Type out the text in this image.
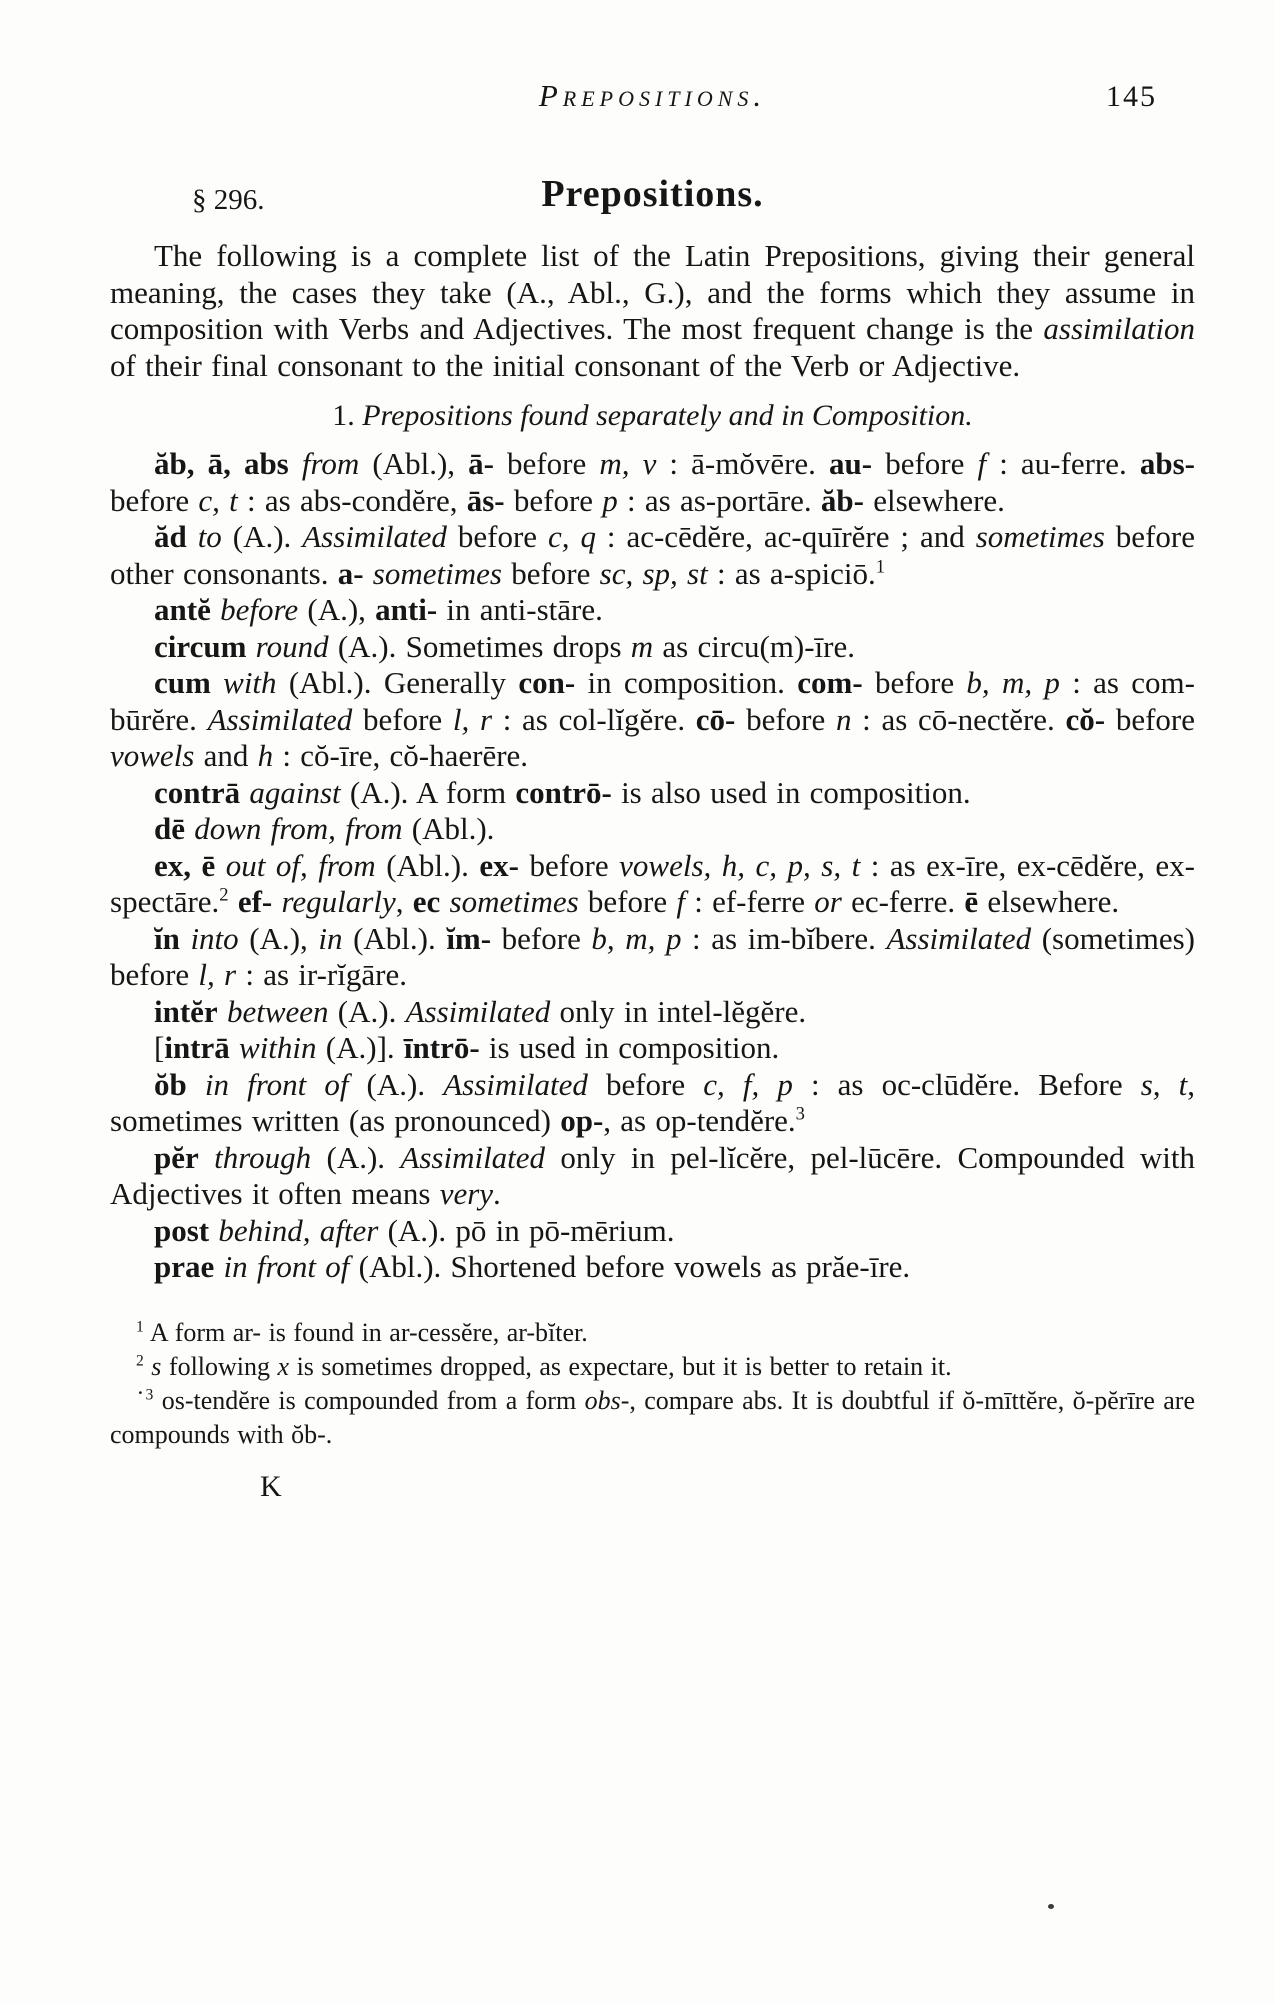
Prepositions.	145
§ 296.	Prepositions.

The following is a complete list of the Latin Prepositions, giving their general meaning, the cases they take (A., Abl., G.), and the forms which they assume in composition with Verbs and Adjectives. The most frequent change is the assimilation of their final consonant to the initial consonant of the Verb or Adjective.

1. Prepositions found separately and in Composition.

ăb, ā, abs from (Abl.), ā- before m, v : ā-mŏvēre. au- before f : au-ferre. abs- before c, t : as abs-condĕre, ās- before p : as as-portāre. ăb- elsewhere.

ăd to (A.). Assimilated before c, q : ac-cēdĕre, ac-quīrĕre ; and sometimes before other consonants. a- sometimes before sc, sp, st : as a-spiciō.$^1$

antĕ before (A.), anti- in anti-stāre.

circum round (A.). Sometimes drops m as circu(m)-īre.

cum with (Abl.). Generally con- in composition. com- before b, m, p : as com-būrĕre. Assimilated before l, r : as col-lĭgĕre. cō- before n : as cō-nectĕre. cŏ- before vowels and h : cŏ-īre, cŏ-haerēre.

contrā against (A.). A form contrō- is also used in composition.

dē down from, from (Abl.).

ex, ē out of, from (Abl.). ex- before vowels, h, c, p, s, t : as ex-īre, ex-cēdĕre, ex-spectāre.$^2$ ef- regularly, ec sometimes before f : ef-ferre or ec-ferre. ē elsewhere.

ĭn into (A.), in (Abl.). ĭm- before b, m, p : as im-bĭbere. Assimilated (sometimes) before l, r : as ir-rĭgāre.

intĕr between (A.). Assimilated only in intel-lĕgĕre.

[intrā within (A.)]. īntrō- is used in composition.

ŏb in front of (A.). Assimilated before c, f, p : as oc-clūdĕre. Before s, t, sometimes written (as pronounced) op-, as op-tendĕre.$^3$

pĕr through (A.). Assimilated only in pel-lĭcĕre, pel-lūcēre. Compounded with Adjectives it often means very.

post behind, after (A.). pō in pō-mērium.

prae in front of (Abl.). Shortened before vowels as prăe-īre.

$^1$ A form ar- is found in ar-cessĕre, ar-bĭter.

$^2$ s following x is sometimes dropped, as expectare, but it is better to retain it.

˙$^3$ os-tendĕre is compounded from a form obs-, compare abs. It is doubtful if ŏ-mīttĕre, ŏ-pĕrīre are compounds with ŏb-.

K
